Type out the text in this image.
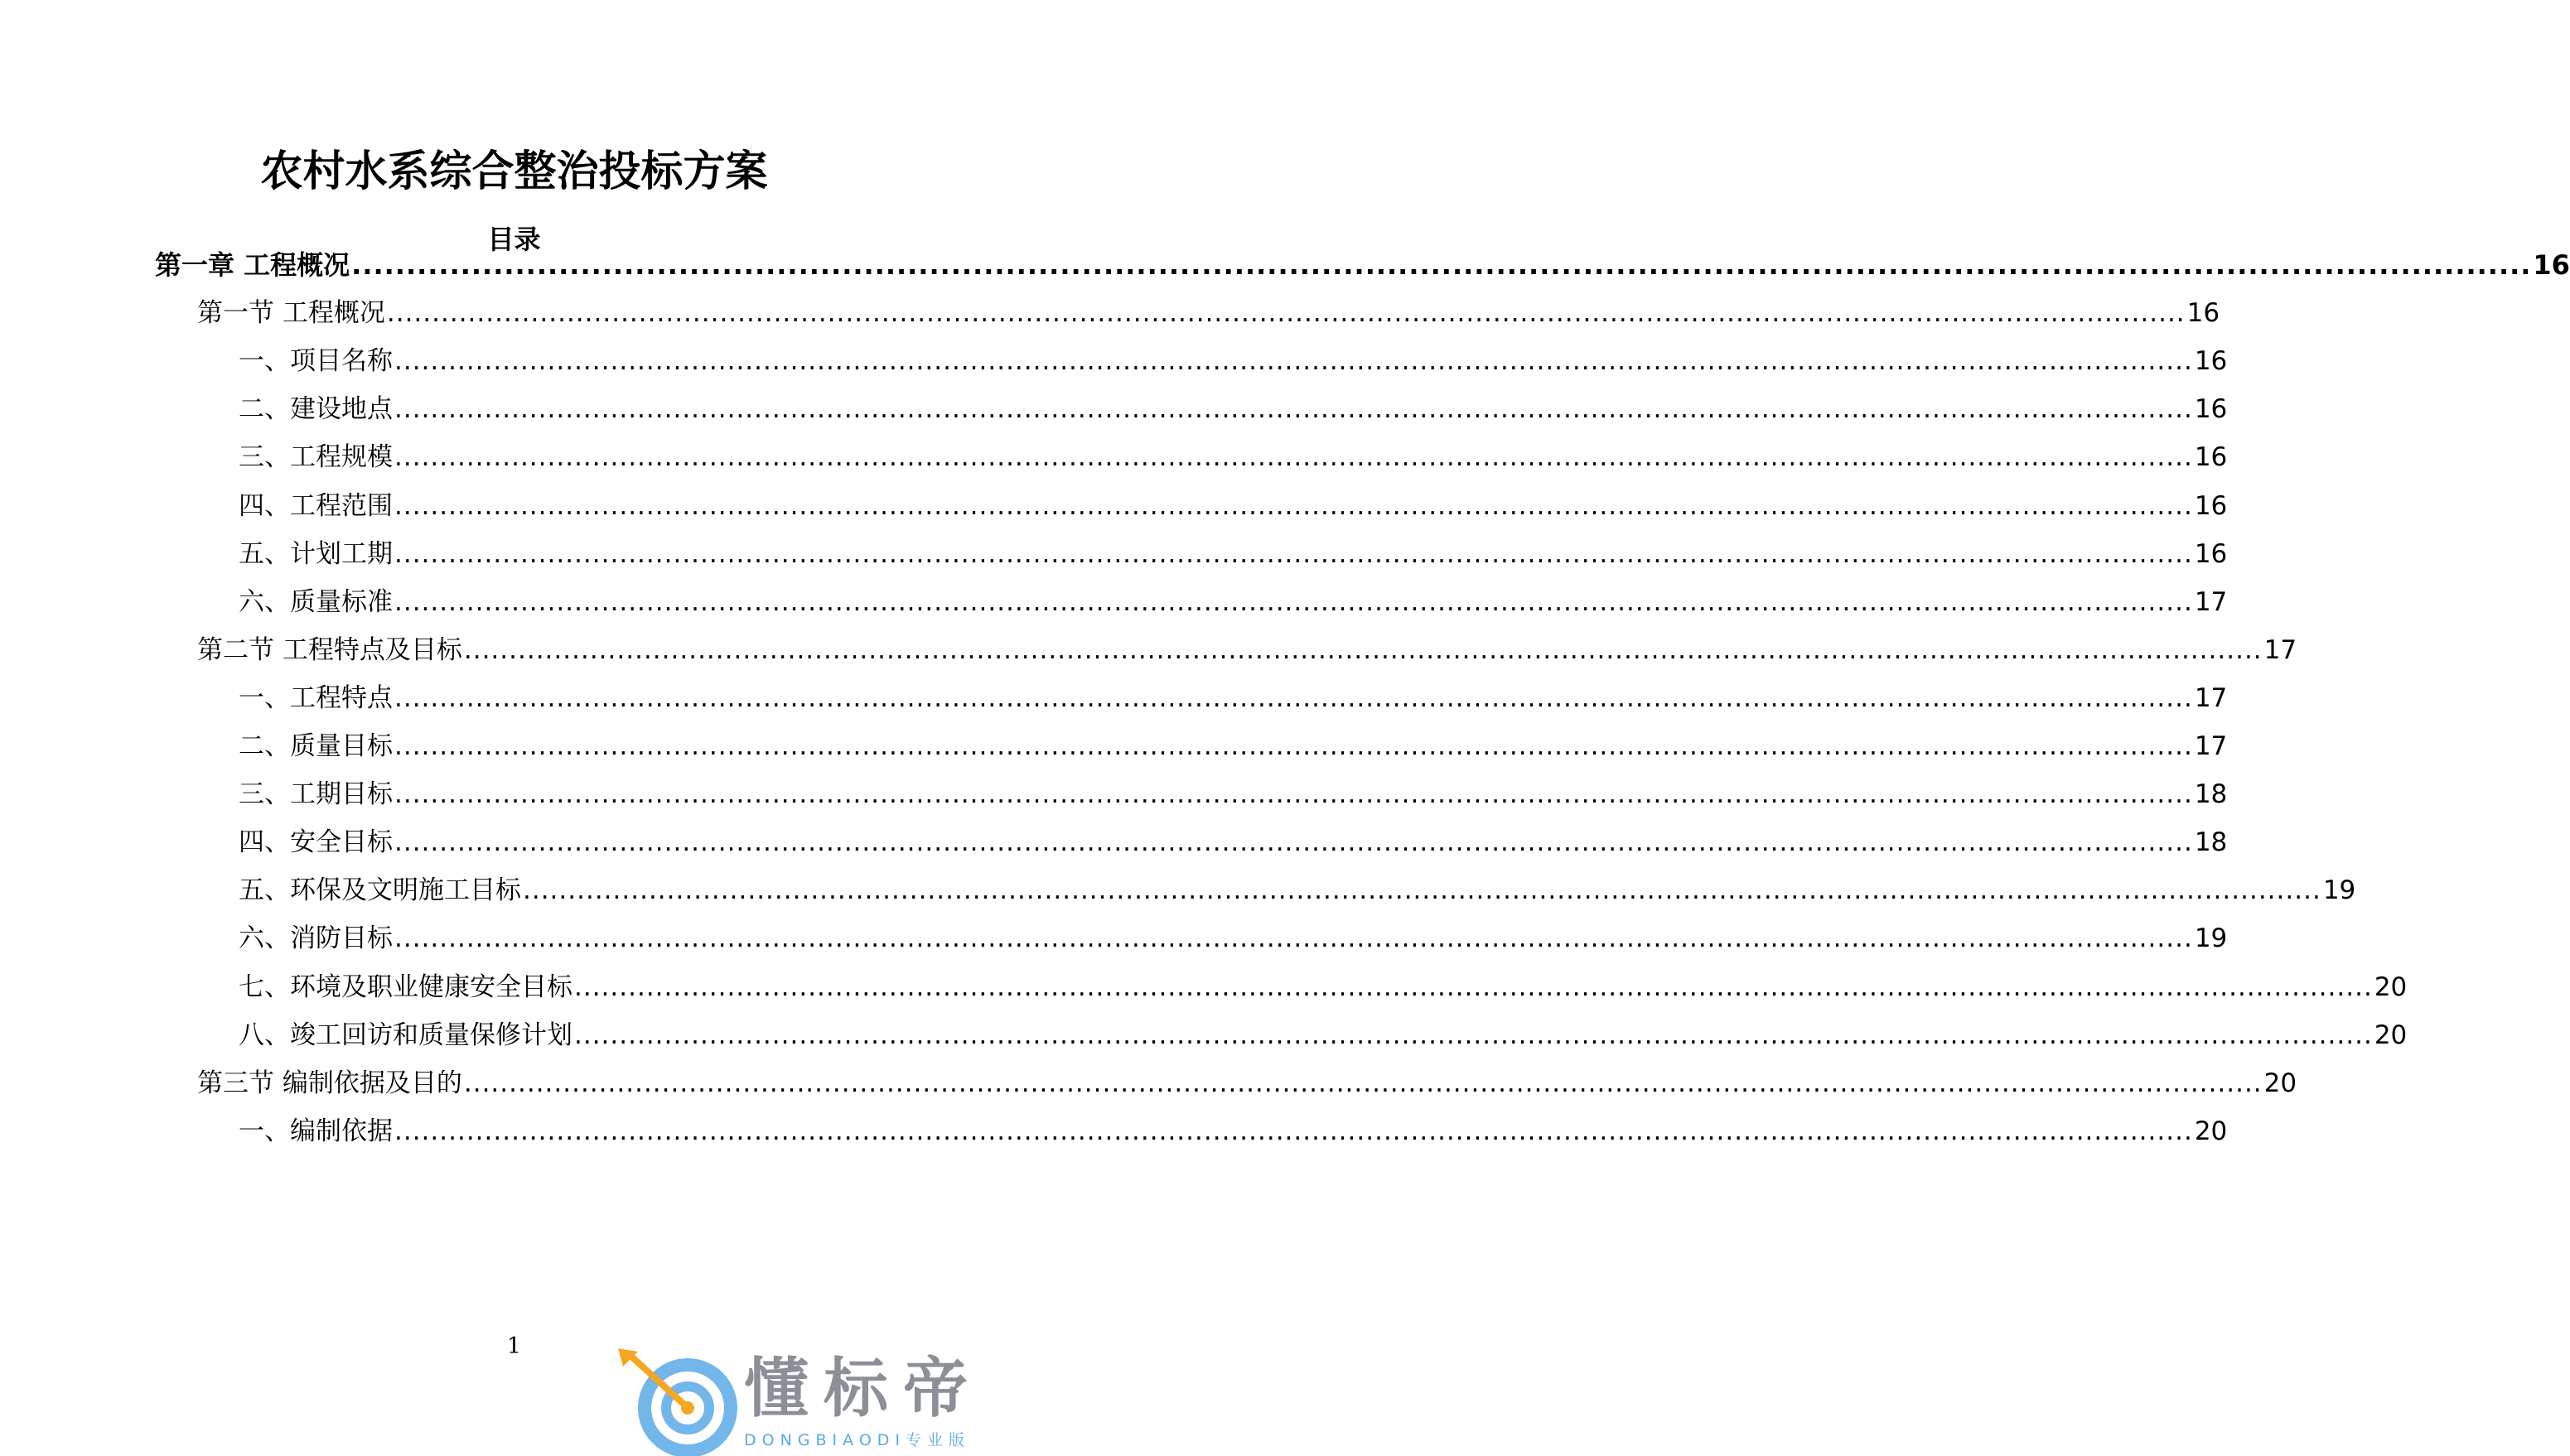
农村水系综合整治投标方案
目录
第一章 工程概况 ........................................................................................................................................................................................................ 16
第一节 工程概况 ........................................................................................................................................................................................................ 16
一、项目名称 ........................................................................................................................................................................................................ 16
二、建设地点 ........................................................................................................................................................................................................ 16
三、工程规模 ........................................................................................................................................................................................................ 16
四、工程范围 ........................................................................................................................................................................................................ 16
五、计划工期 ........................................................................................................................................................................................................ 16
六、质量标准 ........................................................................................................................................................................................................ 17
第二节 工程特点及目标 ........................................................................................................................................................................................................ 17
一、工程特点 ........................................................................................................................................................................................................ 17
二、质量目标 ........................................................................................................................................................................................................ 17
三、工期目标 ........................................................................................................................................................................................................ 18
四、安全目标 ........................................................................................................................................................................................................ 18
五、环保及文明施工目标 ........................................................................................................................................................................................................ 19
六、消防目标 ........................................................................................................................................................................................................ 19
七、环境及职业健康安全目标 ........................................................................................................................................................................................................ 20
八、竣工回访和质量保修计划 ........................................................................................................................................................................................................ 20
第三节 编制依据及目的 ........................................................................................................................................................................................................ 20
一、编制依据 ........................................................................................................................................................................................................ 20
1
懂标帝
DONGBIAODI专业版
